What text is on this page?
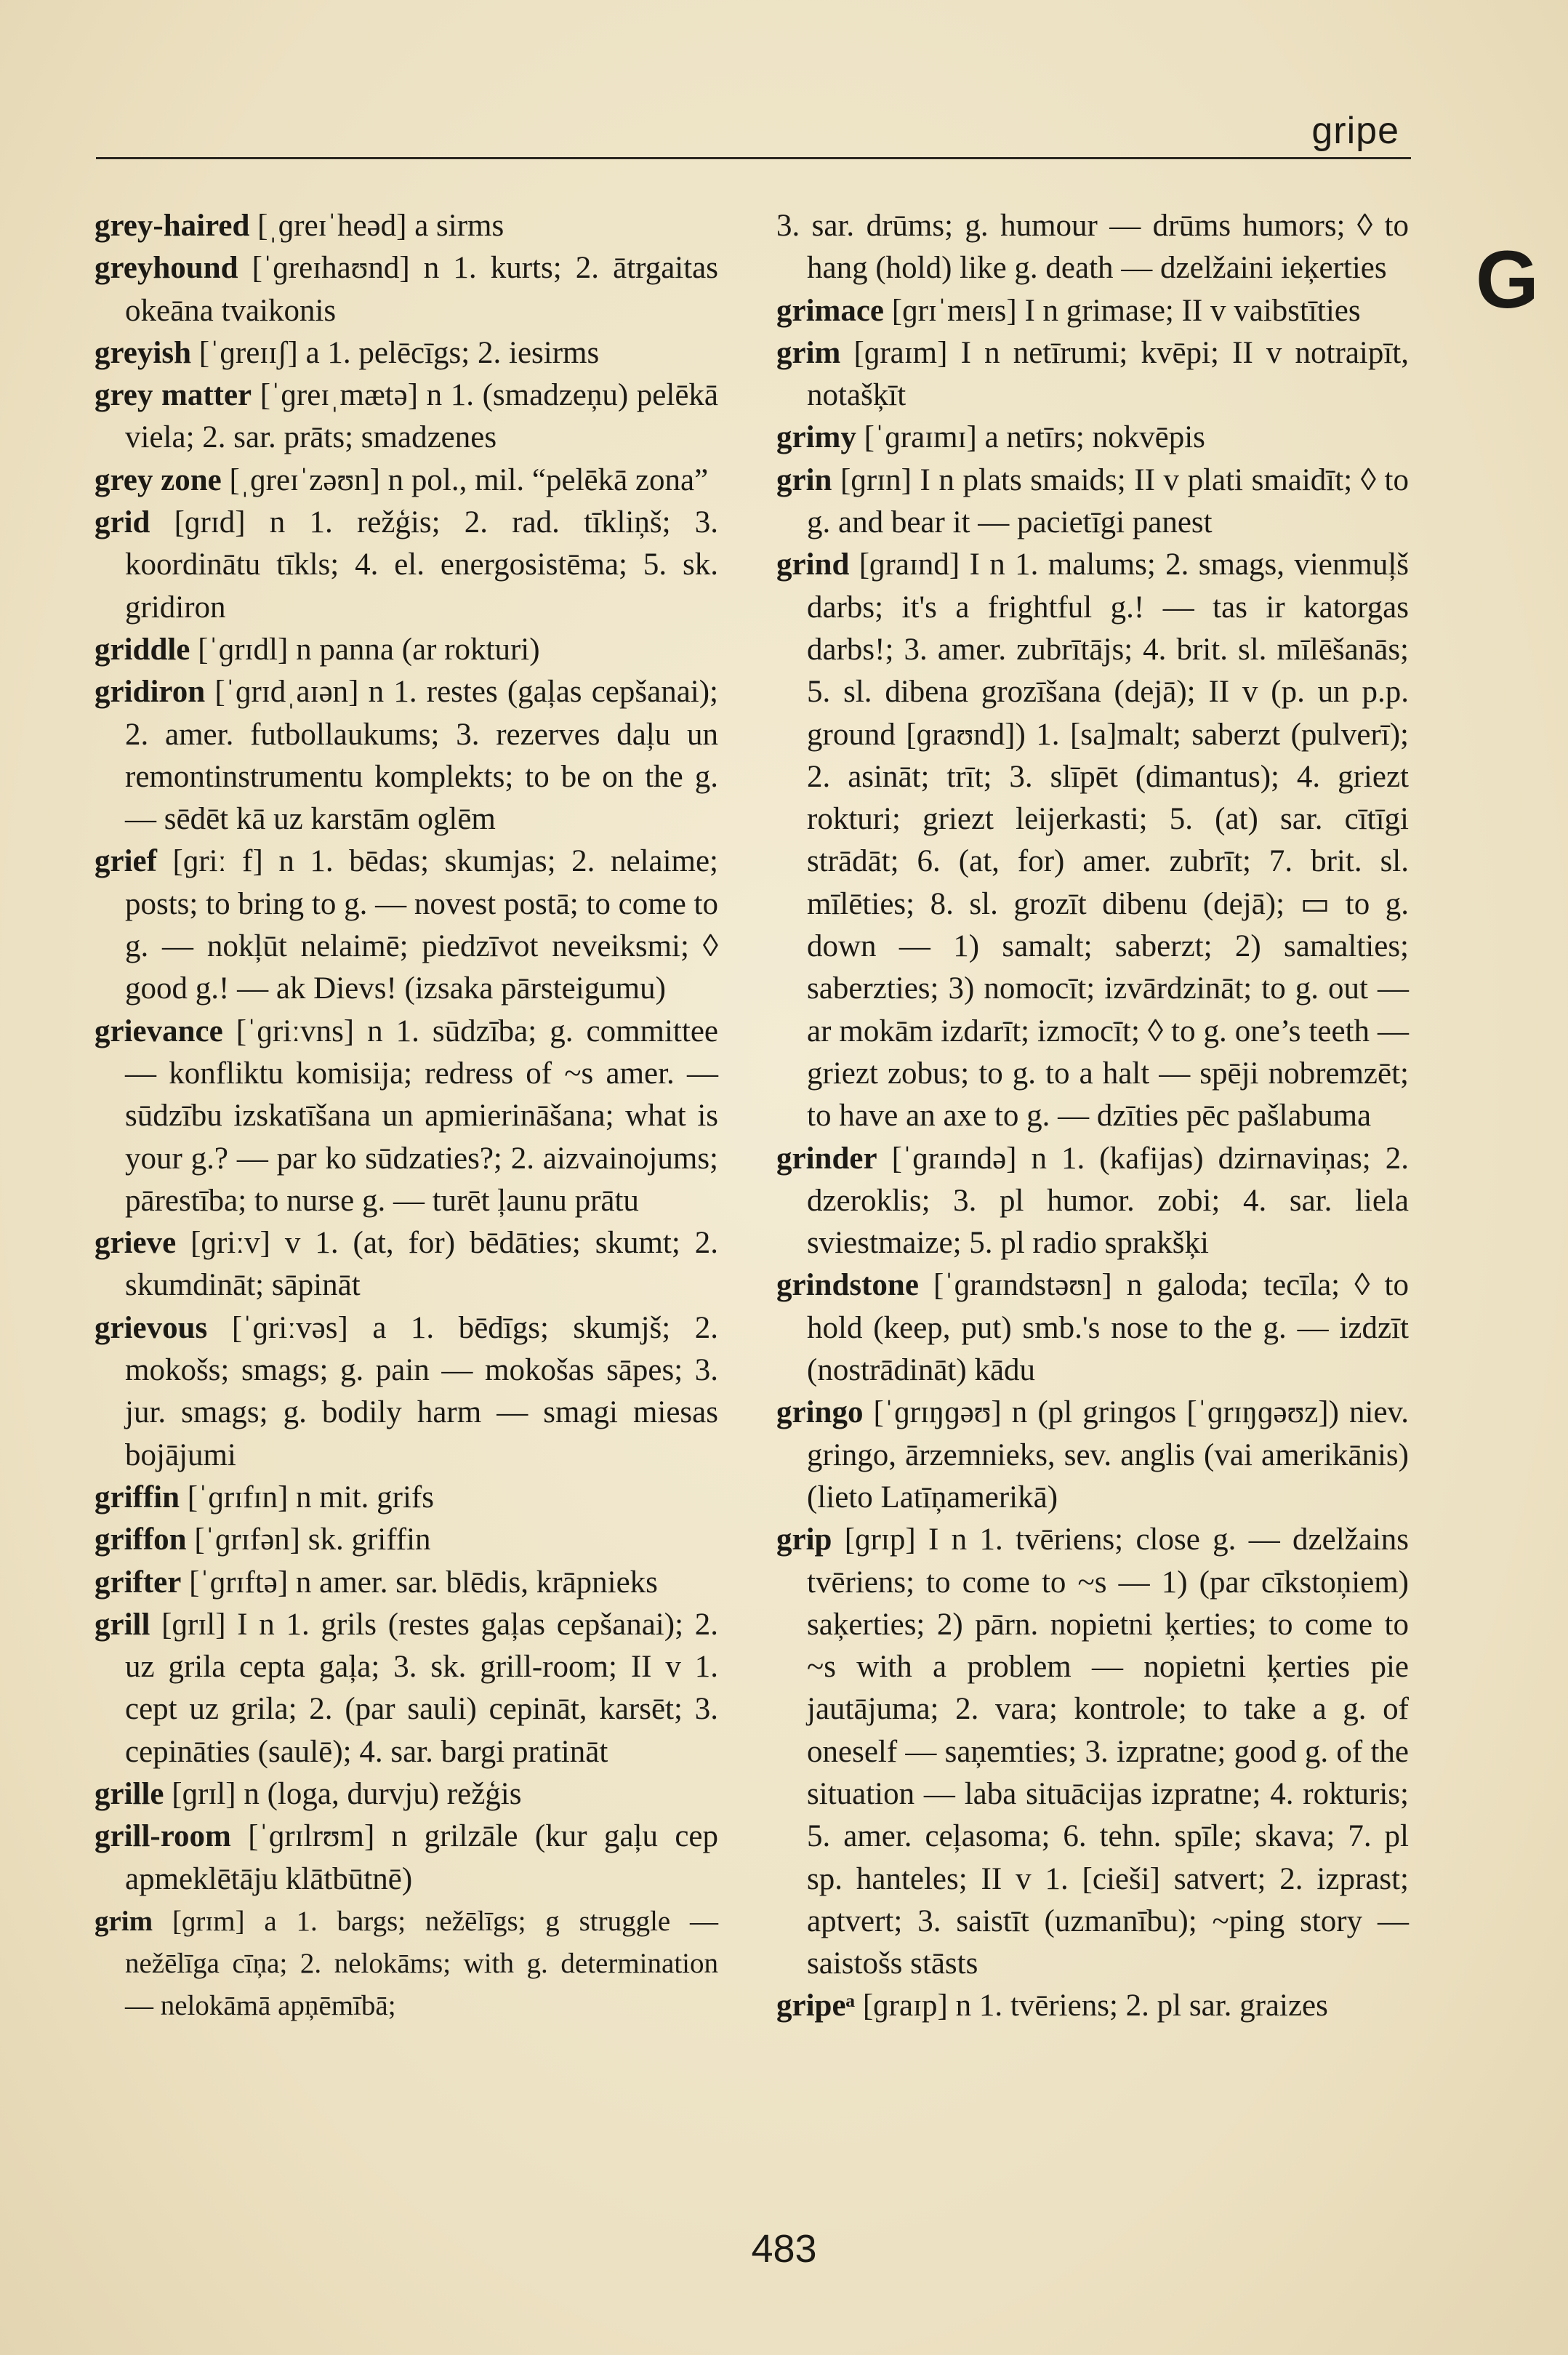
gripe
G

grey-haired [ˌɡreɪˈheəd] a sirms

greyhound [ˈɡreɪhaʊnd] n 1. kurts; 2. ātrgaitas okeāna tvaikonis

greyish [ˈɡreɪɪʃ] a 1. pelēcīgs; 2. iesirms

grey matter [ˈɡreɪˌmætə] n 1. (smadzeņu) pelēkā viela; 2. sar. prāts; smadzenes

grey zone [ˌɡreɪˈzəʊn] n pol., mil. “pelēkā zona”

grid [ɡrɪd] n 1. režģis; 2. rad. tīkliņš; 3. koordinātu tīkls; 4. el. energosistēma; 5. sk. gridiron

griddle [ˈɡrɪdl] n panna (ar rokturi)

gridiron [ˈɡrɪdˌaɪən] n 1. restes (gaļas cepšanai); 2. amer. futbollaukums; 3. rezerves daļu un remontinstrumentu komplekts; to be on the g. — sēdēt kā uz karstām oglēm

grief [ɡriː f] n 1. bēdas; skumjas; 2. nelaime; posts; to bring to g. — novest postā; to come to g. — nokļūt nelaimē; piedzīvot neveiksmi; ◊ good g.! — ak Dievs! (izsaka pārsteigumu)

grievance [ˈɡriːvns] n 1. sūdzība; g. committee — konfliktu komisija; redress of ~s amer. — sūdzību izskatīšana un apmierināšana; what is your g.? — par ko sūdzaties?; 2. aizvainojums; pārestība; to nurse g. — turēt ļaunu prātu

grieve [ɡriːv] v 1. (at, for) bēdāties; skumt; 2. skumdināt; sāpināt

grievous [ˈɡriːvəs] a 1. bēdīgs; skumjš; 2. mokošs; smags; g. pain — mokošas sāpes; 3. jur. smags; g. bodily harm — smagi miesas bojājumi

griffin [ˈɡrɪfɪn] n mit. grifs

griffon [ˈɡrɪfən] sk. griffin

grifter [ˈɡrɪftə] n amer. sar. blēdis, krāpnieks

grill [ɡrɪl] I n 1. grils (restes gaļas cepšanai); 2. uz grila cepta gaļa; 3. sk. grill-room; II v 1. cept uz grila; 2. (par sauli) cepināt, karsēt; 3. cepināties (saulē); 4. sar. bargi pratināt

grille [ɡrɪl] n (loga, durvju) režģis

grill-room [ˈɡrɪlrʊm] n grilzāle (kur gaļu cep apmeklētāju klātbūtnē)

grim [ɡrɪm] a 1. bargs; nežēlīgs; g struggle — nežēlīga cīņa; 2. nelokāms; with g. determination — nelokāmā apņēmībā;

3. sar. drūms; g. humour — drūms humors; ◊ to hang (hold) like g. death — dzelžaini ieķerties

grimace [ɡrɪˈmeɪs] I n grimase; II v vaibstīties

grim [ɡraɪm] I n netīrumi; kvēpi; II v notraipīt, notašķīt

grimy [ˈɡraɪmɪ] a netīrs; nokvēpis

grin [ɡrɪn] I n plats smaids; II v plati smaidīt; ◊ to g. and bear it — pacietīgi panest

grind [ɡraɪnd] I n 1. malums; 2. smags, vienmuļš darbs; it's a frightful g.! — tas ir katorgas darbs!; 3. amer. zubrītājs; 4. brit. sl. mīlēšanās; 5. sl. dibena grozīšana (dejā); II v (p. un p.p. ground [ɡraʊnd]) 1. [sa]malt; saberzt (pulverī); 2. asināt; trīt; 3. slīpēt (dimantus); 4. griezt rokturi; griezt leijerkasti; 5. (at) sar. cītīgi strādāt; 6. (at, for) amer. zubrīt; 7. brit. sl. mīlēties; 8. sl. grozīt dibenu (dejā); ▭ to g. down — 1) samalt; saberzt; 2) samalties; saberzties; 3) nomocīt; izvārdzināt; to g. out — ar mokām izdarīt; izmocīt; ◊ to g. one’s teeth — griezt zobus; to g. to a halt — spēji nobremzēt; to have an axe to g. — dzīties pēc pašlabuma

grinder [ˈɡraɪndə] n 1. (kafijas) dzirnaviņas; 2. dzeroklis; 3. pl humor. zobi; 4. sar. liela sviestmaize; 5. pl radio sprakšķi

grindstone [ˈɡraɪndstəʊn] n galoda; tecīla; ◊ to hold (keep, put) smb.'s nose to the g. — izdzīt (nostrādināt) kādu

gringo [ˈɡrɪŋɡəʊ] n (pl gringos [ˈɡrɪŋɡəʊz]) niev. gringo, ārzemnieks, sev. anglis (vai amerikānis) (lieto Latīņamerikā)

grip [ɡrɪp] I n 1. tvēriens; close g. — dzelžains tvēriens; to come to ~s — 1) (par cīkstoņiem) saķerties; 2) pārn. nopietni ķerties; to come to ~s with a problem — nopietni ķerties pie jautājuma; 2. vara; kontrole; to take a g. of oneself — saņemties; 3. izpratne; good g. of the situation — laba situācijas izpratne; 4. rokturis; 5. amer. ceļasoma; 6. tehn. spīle; skava; 7. pl sp. hanteles; II v 1. [cieši] satvert; 2. izprast; aptvert; 3. saistīt (uzmanību); ~ping story — saistošs stāsts

gripeᵃ [ɡraɪp] n 1. tvēriens; 2. pl sar. graizes

483
